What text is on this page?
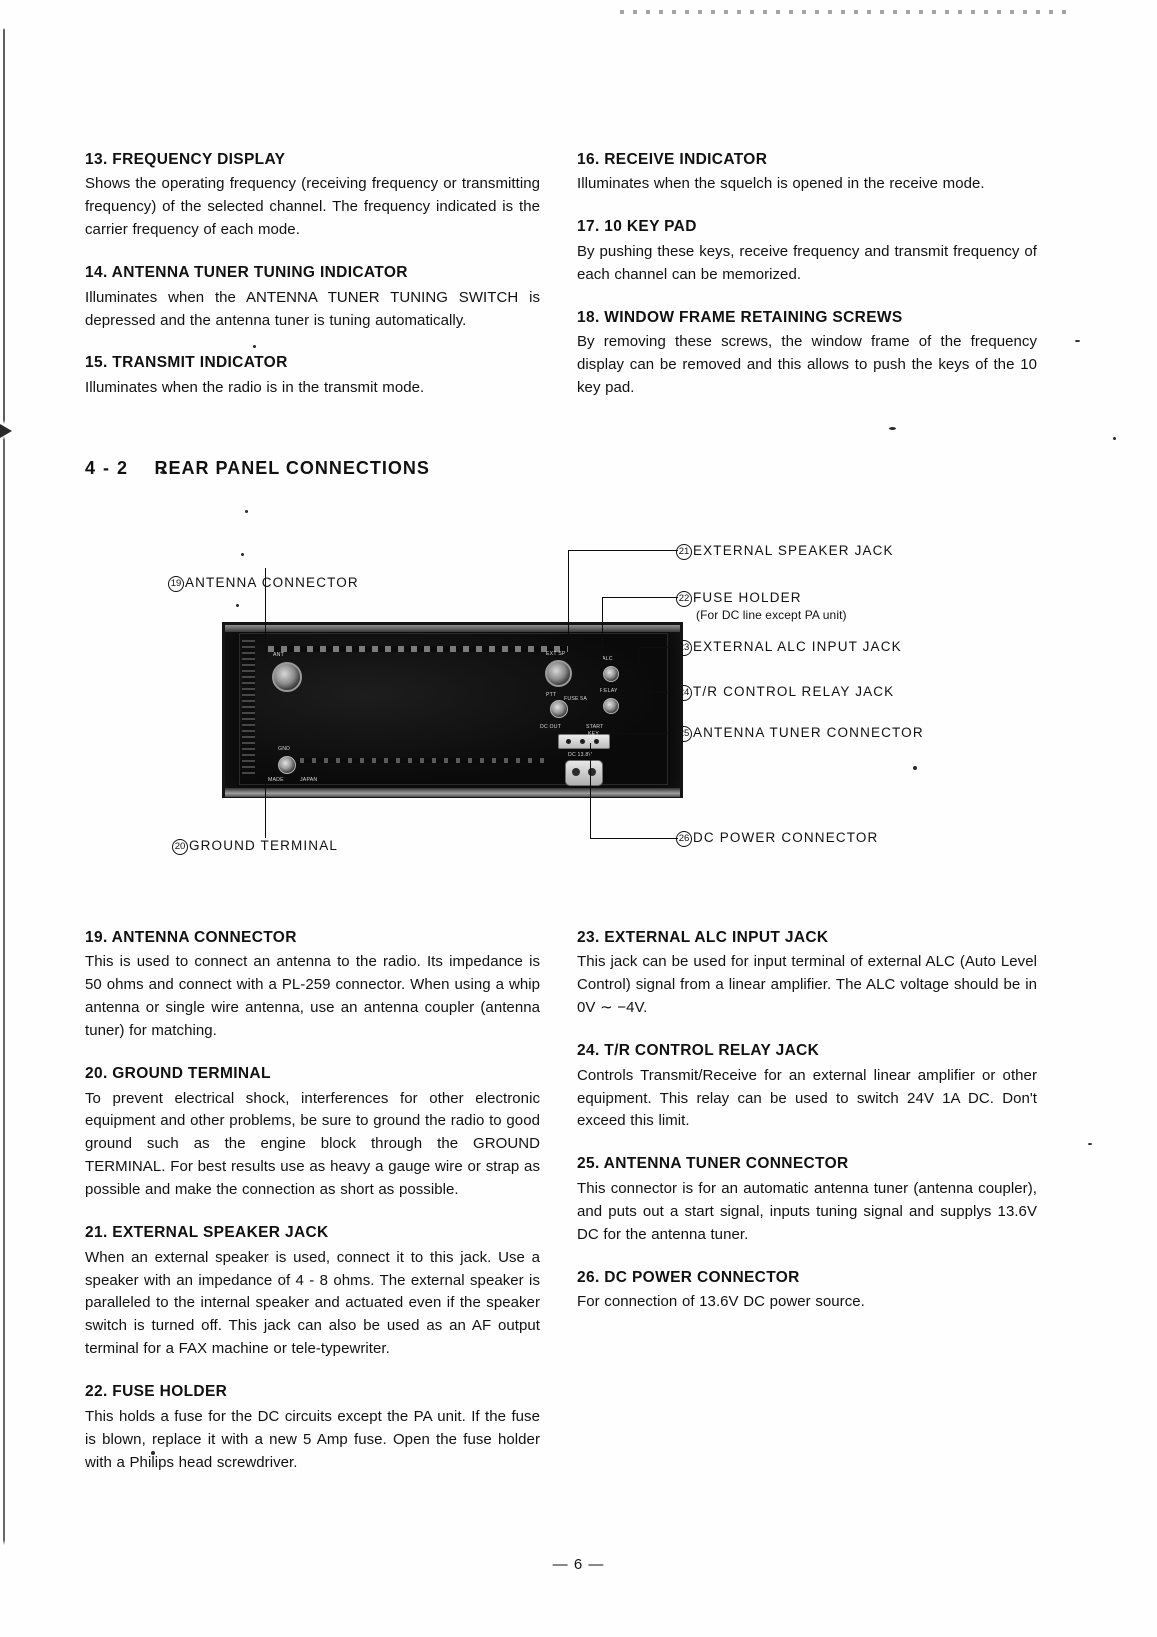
13. FREQUENCY DISPLAY

Shows the operating frequency (receiving frequency or transmitting frequency) of the selected channel. The frequency indicated is the carrier frequency of each mode.

14. ANTENNA TUNER TUNING INDICATOR

Illuminates when the ANTENNA TUNER TUNING SWITCH is depressed and the antenna tuner is tuning automatically.

15. TRANSMIT INDICATOR

Illuminates when the radio is in the transmit mode.

16. RECEIVE INDICATOR

Illuminates when the squelch is opened in the receive mode.

17. 10 KEY PAD

By pushing these keys, receive frequency and transmit frequency of each channel can be memorized.

18. WINDOW FRAME RETAINING SCREWS

By removing these screws, the window frame of the frequency display can be removed and this allows to push the keys of the 10 key pad.

4 - 2 REAR PANEL CONNECTIONS
ANT
GND
MADE	JAPAN
EXT SP
FUSE 5A
PTT
ALC
RELAY
DC OUT	START
KEY
DC 13.8V
19 ANTENNA CONNECTOR
20 GROUND TERMINAL
21 EXTERNAL SPEAKER JACK
22 FUSE HOLDER
(For DC line except PA unit)
23 EXTERNAL ALC INPUT JACK
24 T/R CONTROL RELAY JACK
25 ANTENNA TUNER CONNECTOR
26 DC POWER CONNECTOR
19. ANTENNA CONNECTOR

This is used to connect an antenna to the radio. Its impedance is 50 ohms and connect with a PL-259 connector. When using a whip antenna or single wire antenna, use an antenna coupler (antenna tuner) for matching.

20. GROUND TERMINAL

To prevent electrical shock, interferences for other electronic equipment and other problems, be sure to ground the radio to good ground such as the engine block through the GROUND TERMINAL. For best results use as heavy a gauge wire or strap as possible and make the connection as short as possible.

21. EXTERNAL SPEAKER JACK

When an external speaker is used, connect it to this jack. Use a speaker with an impedance of 4 - 8 ohms. The external speaker is paralleled to the internal speaker and actuated even if the speaker switch is turned off. This jack can also be used as an AF output terminal for a FAX machine or tele-typewriter.

22. FUSE HOLDER

This holds a fuse for the DC circuits except the PA unit. If the fuse is blown, replace it with a new 5 Amp fuse. Open the fuse holder with a Philips head screwdriver.

23. EXTERNAL ALC INPUT JACK

This jack can be used for input terminal of external ALC (Auto Level Control) signal from a linear amplifier. The ALC voltage should be in 0V ∼ −4V.

24. T/R CONTROL RELAY JACK

Controls Transmit/Receive for an external linear amplifier or other equipment. This relay can be used to switch 24V 1A DC. Don't exceed this limit.

25. ANTENNA TUNER CONNECTOR

This connector is for an automatic antenna tuner (antenna coupler), and puts out a start signal, inputs tuning signal and supplys 13.6V DC for the antenna tuner.

26. DC POWER CONNECTOR

For connection of 13.6V DC power source.

— 6 —
